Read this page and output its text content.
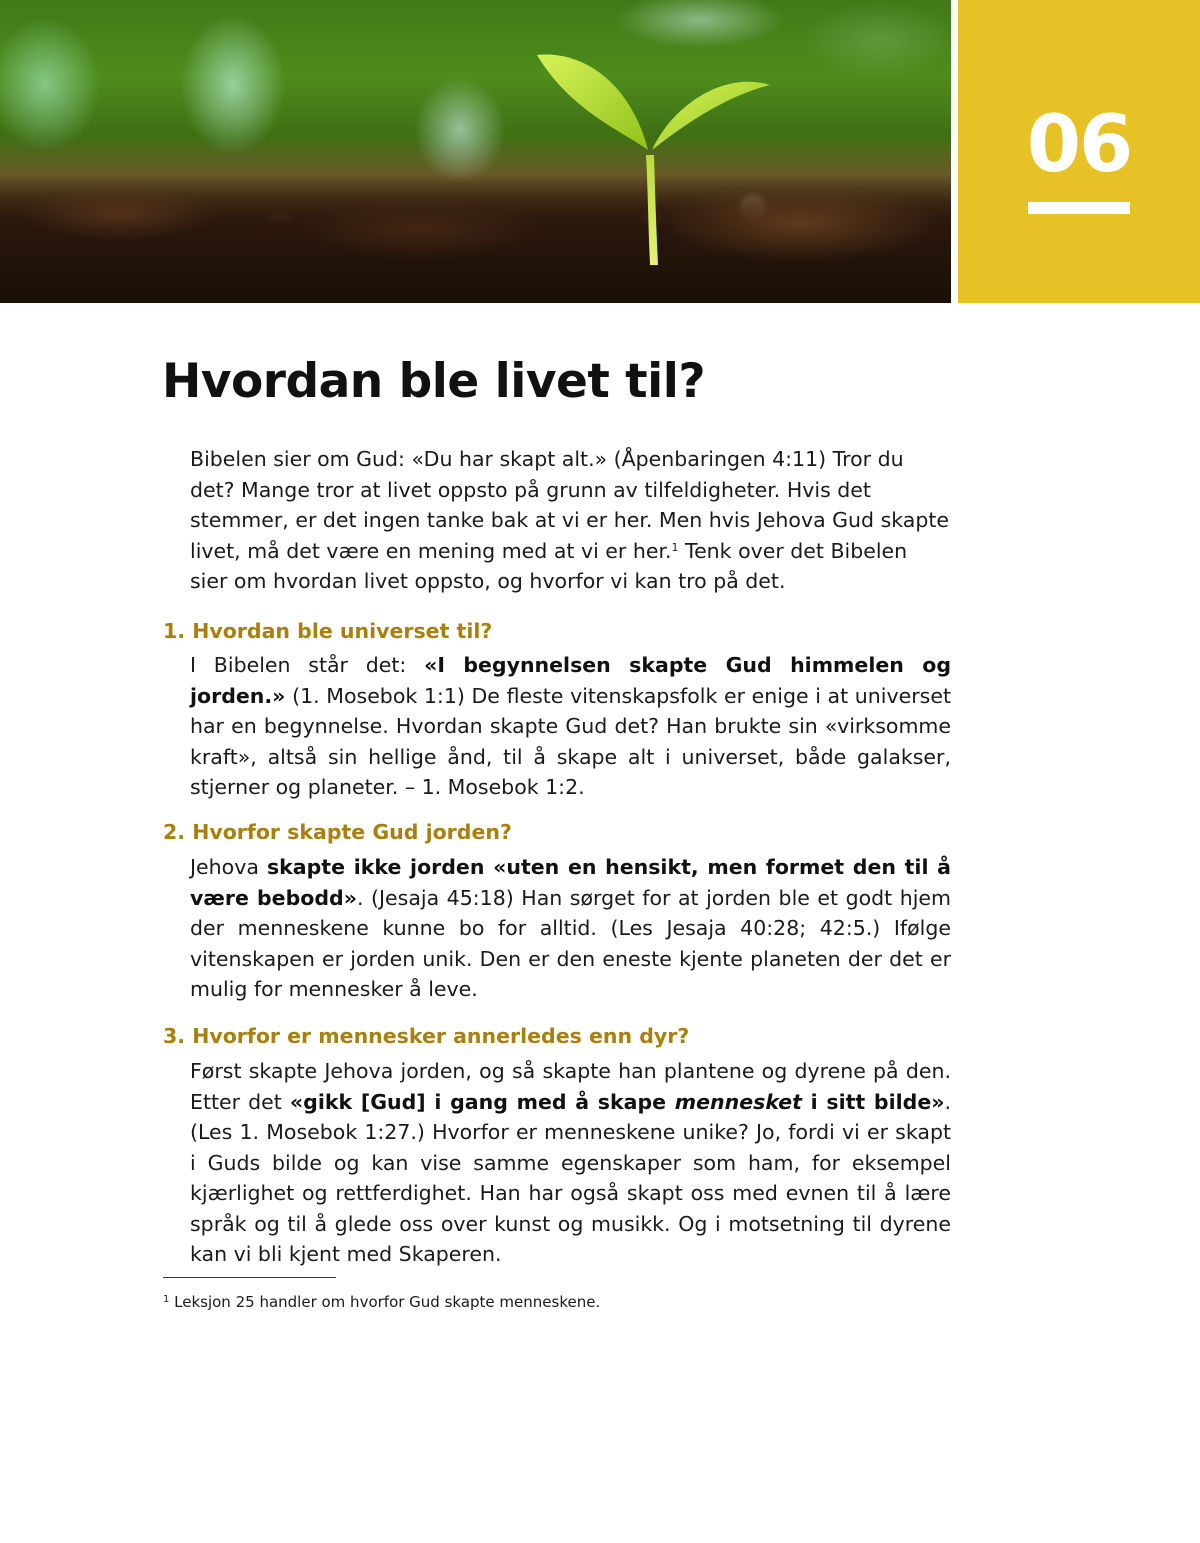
06
Hvordan ble livet til?

Bibelen sier om Gud: «Du har skapt alt.» (Åpenbaringen 4:11) Tror du det? Mange tror at livet oppsto på grunn av tilfeldigheter. Hvis det stemmer, er det ingen tanke bak at vi er her. Men hvis Jehova Gud skapte livet, må det være en mening med at vi er her.$^1$ Tenk over det Bibelen sier om hvordan livet oppsto, og hvorfor vi kan tro på det.

1. Hvordan ble universet til?

I Bibelen står det: «I begynnelsen skapte Gud himmelen og jorden.» (1. Mosebok 1:1) De fleste vitenskapsfolk er enige i at universet har en begynnelse. Hvordan skapte Gud det? Han brukte sin «virksomme kraft», altså sin hellige ånd, til å skape alt i universet, både galakser, stjerner og planeter. – 1. Mosebok 1:2.

2. Hvorfor skapte Gud jorden?

Jehova skapte ikke jorden «uten en hensikt, men formet den til å være bebodd». (Jesaja 45:18) Han sørget for at jorden ble et godt hjem der menneskene kunne bo for alltid. (Les Jesaja 40:28; 42:5.) Ifølge vitenskapen er jorden unik. Den er den eneste kjente planeten der det er mulig for mennesker å leve.

3. Hvorfor er mennesker annerledes enn dyr?

Først skapte Jehova jorden, og så skapte han plantene og dyrene på den. Etter det «gikk [Gud] i gang med å skape mennesket i sitt bilde». (Les 1. Mosebok 1:27.) Hvorfor er menneskene unike? Jo, fordi vi er skapt i Guds bilde og kan vise samme egenskaper som ham, for eksempel kjærlighet og rettferdighet. Han har også skapt oss med evnen til å lære språk og til å glede oss over kunst og musikk. Og i motsetning til dyrene kan vi bli kjent med Skaperen.

$^1$ Leksjon 25 handler om hvorfor Gud skapte menneskene.
